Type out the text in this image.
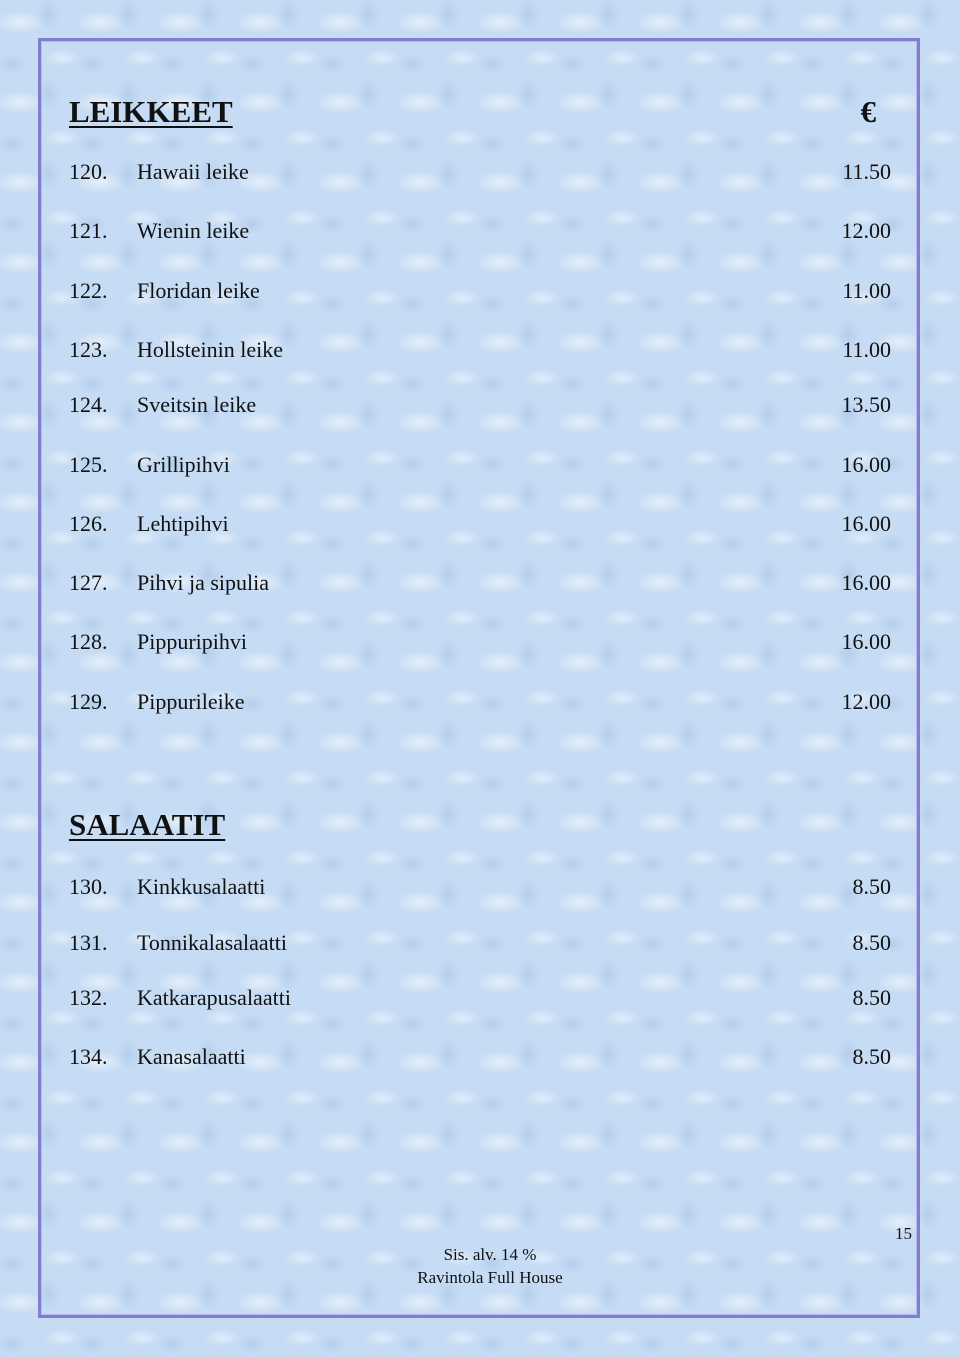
LEIKKEET	€
120. Hawaii leike	11.50
121. Wienin leike	12.00
122. Floridan leike	11.00
123. Hollsteinin leike	11.00
124. Sveitsin leike	13.50
125. Grillipihvi	16.00
126. Lehtipihvi	16.00
127. Pihvi ja sipulia	16.00
128. Pippuripihvi	16.00
129. Pippurileike	12.00
SALAATIT
130. Kinkkusalaatti	8.50
131. Tonnikalasalaatti	8.50
132. Katkarapusalaatti	8.50
134. Kanasalaatti	8.50
15
Sis. alv. 14 %
Ravintola Full House
